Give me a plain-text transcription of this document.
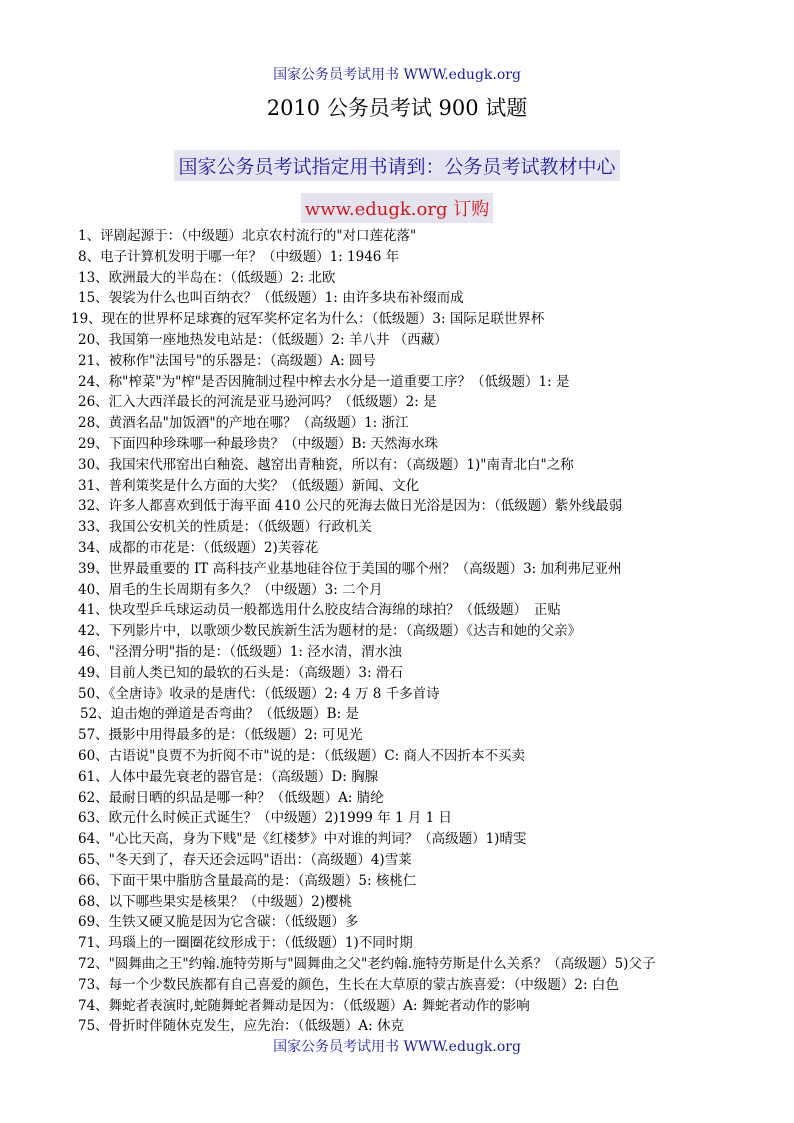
国家公务员考试用书 WWW.edugk.org
2010 公务员考试 900 试题
国家公务员考试指定用书请到：公务员考试教材中心
www.edugk.org 订购
1、评剧起源于：（中级题）北京农村流行的"对口莲花落"
8、电子计算机发明于哪一年？（中级题）1: 1946 年
13、欧洲最大的半岛在：（低级题）2: 北欧
15、袈裟为什么也叫百纳衣？（低级题）1: 由许多块布补缀而成
19、现在的世界杯足球赛的冠军奖杯定名为什么：（低级题）3: 国际足联世界杯
20、我国第一座地热发电站是：（低级题）2: 羊八井 （西藏）
21、被称作"法国号"的乐器是：（高级题）A: 圆号
24、称"榨菜"为"榨"是否因腌制过程中榨去水分是一道重要工序？（低级题）1: 是
26、汇入大西洋最长的河流是亚马逊河吗？（低级题）2: 是
28、黄酒名品"加饭酒"的产地在哪？（高级题）1: 浙江
29、下面四种珍珠哪一种最珍贵？（中级题）B: 天然海水珠
30、我国宋代邢窑出白釉瓷、越窑出青釉瓷，所以有：（高级题）1)"南青北白"之称
31、普利策奖是什么方面的大奖？（低级题）新闻、文化
32、许多人都喜欢到低于海平面 410 公尺的死海去做日光浴是因为：（低级题）紫外线最弱
33、我国公安机关的性质是：（低级题）行政机关
34、成都的市花是：（低级题）2)芙蓉花
39、世界最重要的 IT 高科技产业基地硅谷位于美国的哪个州？（高级题）3: 加利弗尼亚州
40、眉毛的生长周期有多久？（中级题）3: 二个月
41、快攻型乒乓球运动员一般都选用什么胶皮结合海绵的球拍？（低级题）　正贴
42、下列影片中，以歌颂少数民族新生活为题材的是：（高级题）《达吉和她的父亲》
46、"泾渭分明"指的是：（低级题）1: 泾水清，渭水浊
49、目前人类已知的最软的石头是：（高级题）3: 滑石
50、《全唐诗》收录的是唐代：（低级题）2: 4 万 8 千多首诗
52、迫击炮的弹道是否弯曲？（低级题）B: 是
57、摄影中用得最多的是：（低级题）2: 可见光
60、古语说"良贾不为折阅不市"说的是：（低级题）C: 商人不因折本不买卖
61、人体中最先衰老的器官是：（高级题）D: 胸腺
62、最耐日晒的织品是哪一种？（低级题）A: 腈纶
63、欧元什么时候正式诞生？（中级题）2)1999 年 1 月 1 日
64、"心比天高，身为下贱"是《红楼梦》中对谁的判词？（高级题）1)晴雯
65、"冬天到了，春天还会远吗"语出：（高级题）4)雪莱
66、下面干果中脂肪含量最高的是：（高级题）5: 核桃仁
68、以下哪些果实是核果？（中级题）2)樱桃
69、生铁又硬又脆是因为它含碳：（低级题）多
71、玛瑙上的一圈圈花纹形成于：（低级题）1)不同时期
72、"圆舞曲之王"约翰.施特劳斯与"圆舞曲之父"老约翰.施特劳斯是什么关系？（高级题）5)父子
73、每一个少数民族都有自己喜爱的颜色，生长在大草原的蒙古族喜爱：（中级题）2: 白色
74、舞蛇者表演时,蛇随舞蛇者舞动是因为：（低级题）A: 舞蛇者动作的影响
75、骨折时伴随休克发生，应先治：（低级题）A: 休克
国家公务员考试用书 WWW.edugk.org
